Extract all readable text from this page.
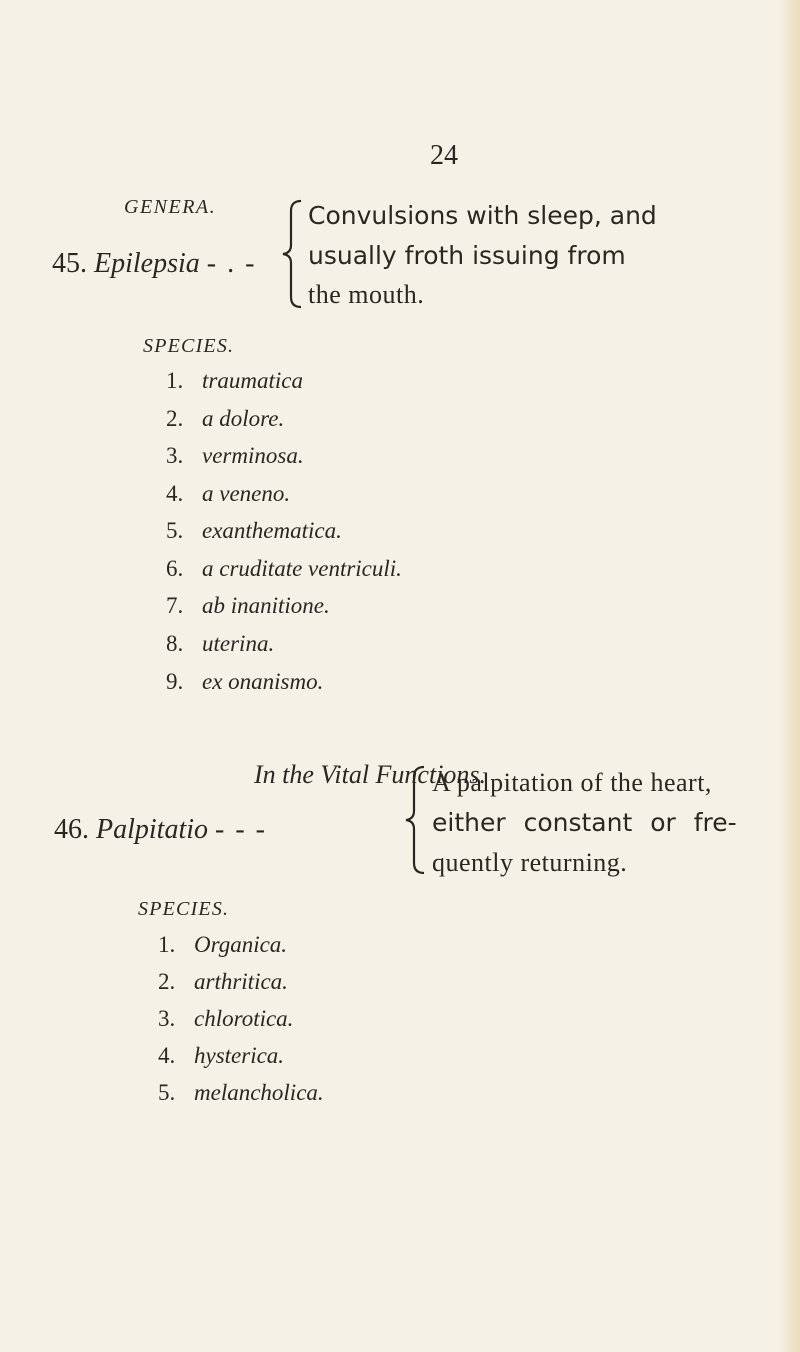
24
GENERA.
45. Epilepsia - . -
Convulsions with sleep, and
usually froth issuing from
the mouth.
SPECIES.
1. traumatica
2. a dolore.
3. verminosa.
4. a veneno.
5. exanthematica.
6. a cruditate ventriculi.
7. ab inanitione.
8. uterina.
9. ex onanismo.
In the Vital Functions.
46. Palpitatio - - -
A palpitation of the heart,
either constant or fre-
quently returning.
SPECIES.
1. Organica.
2. arthritica.
3. chlorotica.
4. hysterica.
5. melancholica.
